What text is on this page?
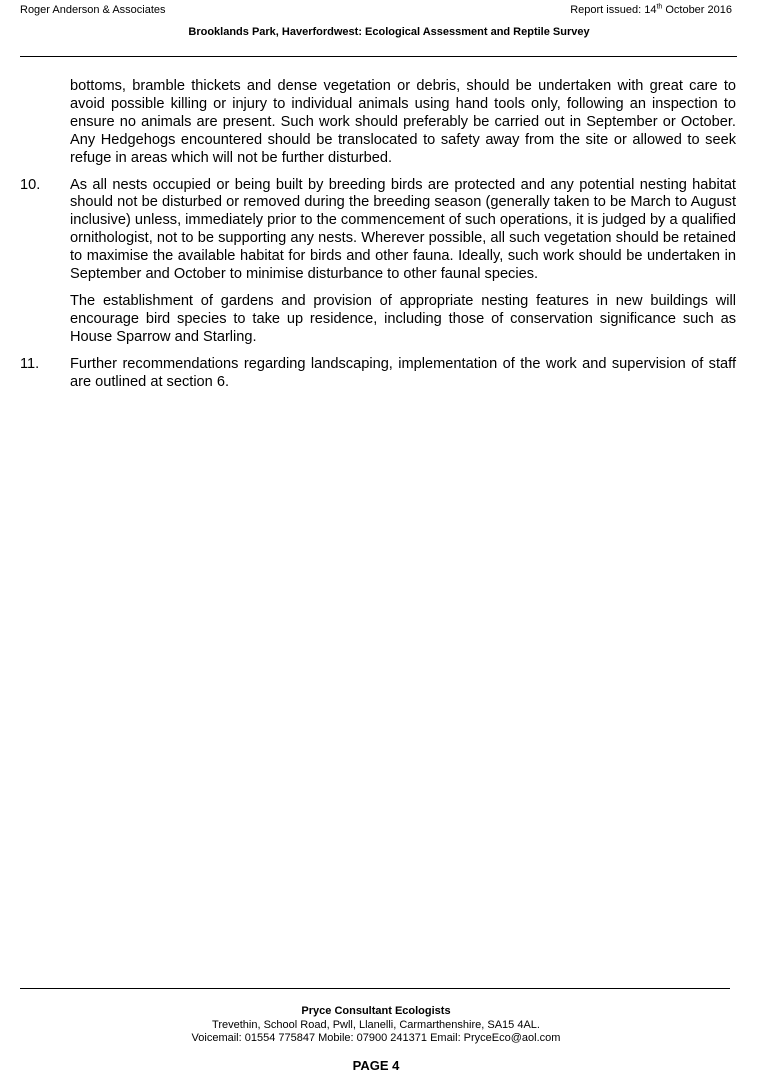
Roger Anderson & Associates	Report issued: 14th October 2016
Brooklands Park, Haverfordwest: Ecological Assessment and Reptile Survey
bottoms, bramble thickets and dense vegetation or debris, should be undertaken with great care to avoid possible killing or injury to individual animals using hand tools only, following an inspection to ensure no animals are present. Such work should preferably be carried out in September or October. Any Hedgehogs encountered should be translocated to safety away from the site or allowed to seek refuge in areas which will not be further disturbed.
10. As all nests occupied or being built by breeding birds are protected and any potential nesting habitat should not be disturbed or removed during the breeding season (generally taken to be March to August inclusive) unless, immediately prior to the commencement of such operations, it is judged by a qualified ornithologist, not to be supporting any nests. Wherever possible, all such vegetation should be retained to maximise the available habitat for birds and other fauna. Ideally, such work should be undertaken in September and October to minimise disturbance to other faunal species.
The establishment of gardens and provision of appropriate nesting features in new buildings will encourage bird species to take up residence, including those of conservation significance such as House Sparrow and Starling.
11. Further recommendations regarding landscaping, implementation of the work and supervision of staff are outlined at section 6.
Pryce Consultant Ecologists
Trevethin, School Road, Pwll, Llanelli, Carmarthenshire, SA15 4AL.
Voicemail: 01554 775847 Mobile: 07900 241371 Email: PryceEco@aol.com
PAGE 4
